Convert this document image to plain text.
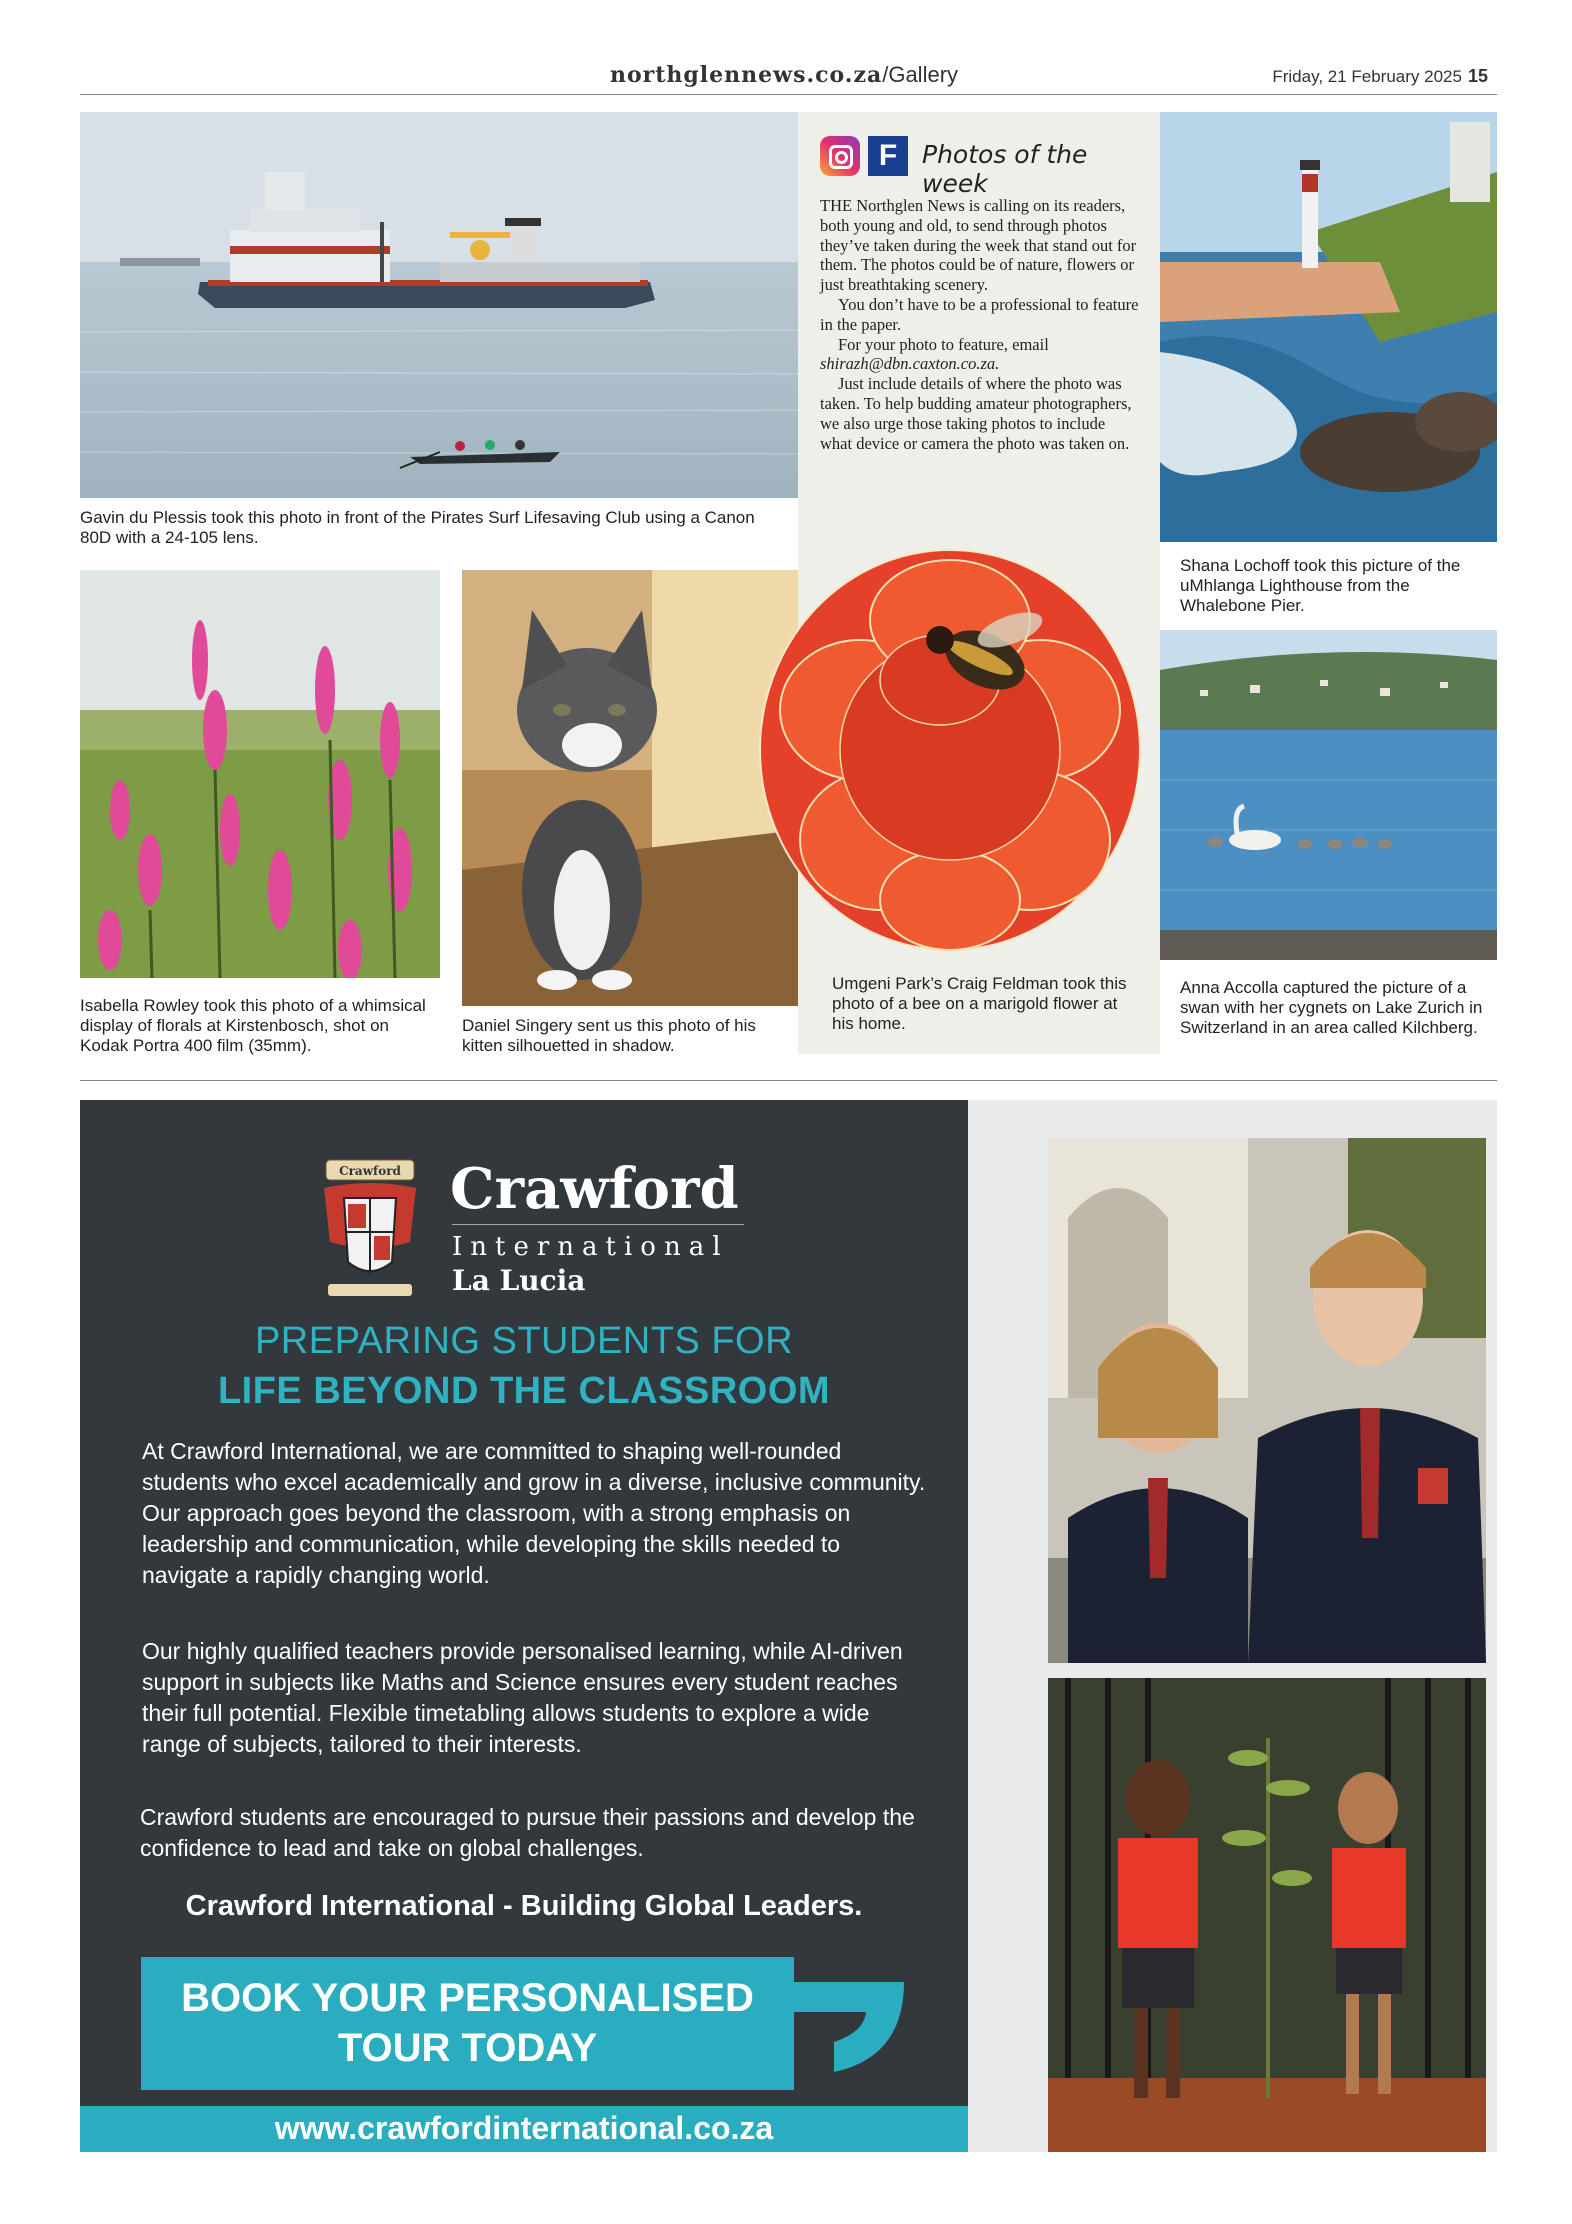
northglennews.co.za/Gallery	Friday, 21 February 2025 15
Gavin du Plessis took this photo in front of the Pirates Surf Lifesaving Club using a Canon 80D with a 24-105 lens.
F Photos of the week

THE Northglen News is calling on its readers, both young and old, to send through photos they’ve taken during the week that stand out for them. The photos could be of nature, flowers or just breathtaking scenery.

You don’t have to be a professional to feature in the paper.

For your photo to feature, email

shirazh@dbn.caxton.co.za.

Just include details of where the photo was taken. To help budding amateur photographers, we also urge those taking photos to include what device or camera the photo was taken on.

Shana Lochoff took this picture of the uMhlanga Lighthouse from the Whalebone Pier.
Isabella Rowley took this photo of a whimsical display of florals at Kirstenbosch, shot on Kodak Portra 400 film (35mm).
Daniel Singery sent us this photo of his kitten silhouetted in shadow.
Umgeni Park’s Craig Feldman took this photo of a bee on a marigold flower at his home.
Anna Accolla captured the picture of a swan with her cygnets on Lake Zurich in Switzerland in an area called Kilchberg.
Crawford Crawford
International
La Lucia
PREPARING STUDENTS FOR
LIFE BEYOND THE CLASSROOM

At Crawford International, we are committed to shaping well-rounded students who excel academically and grow in a diverse, inclusive community. Our approach goes beyond the classroom, with a strong emphasis on leadership and communication, while developing the skills needed to navigate a rapidly changing world.

Our highly qualified teachers provide personalised learning, while AI-driven support in subjects like Maths and Science ensures every student reaches their full potential. Flexible timetabling allows students to explore a wide range of subjects, tailored to their interests.

Crawford students are encouraged to pursue their passions and develop the confidence to lead and take on global challenges.

Crawford International - Building Global Leaders.
BOOK YOUR PERSONALISED
TOUR TODAY
www.crawfordinternational.co.za
